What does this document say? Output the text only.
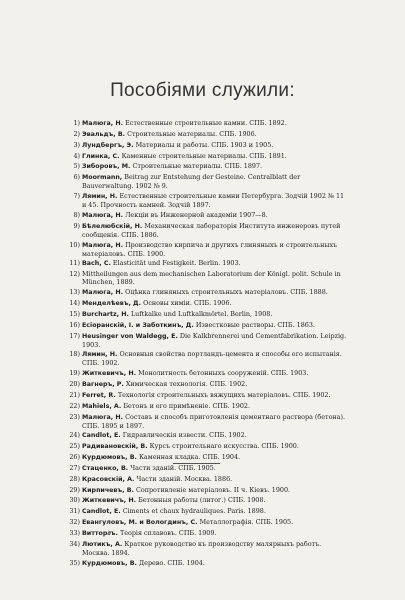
Пособіями служили:
1) Малюга, Н. Естественные строительные камни. СПБ. 1892.
2) Эвальдъ, В. Строительные материалы. СПБ. 1906.
3) Лундбергъ, Э. Материалы и работы. СПБ. 1903 и 1905.
4) Глинка, С. Каменные строительные материалы. СПБ. 1891.
5) Зиборовъ, М. Строительные материалы. СПБ. 1897.
6) Moormann, Beitrag zur Entstehung der Gesteine. Centralblatt der Bauverwaltung. 1902 № 9.
7) Лямин, Н. Естественные строительные камни Петербурга. Зодчій 1902 № 11 и 45. Прочность камней. Зодчій 1897.
8) Малюга, Н. Лекціи въ Инженерной академіи 1907—8.
9) Бѣлелюбскій, Н. Механическая лабораторія Института инженеровъ путей сообщенія. СПБ. 1886.
10) Малюга, Н. Производство кирпича и другихъ глиняныхъ и строительныхъ матеріаловъ. СПБ. 1900.
11) Bach, C. Elasticität und Festigkeit. Berlin. 1903.
12) Mittheilungen aus dem mechanischen Laboratorium der Königl. polit. Schule in München, 1889.
13) Малюга, Н. Оцѣнка глиняныхъ строительныхъ матеріаловъ. СПБ. 1888.
14) Менделѣевъ, Д. Основы химіи. СПБ. 1906.
15) Burchartz, H. Luftkalke und Luftkalkmörtel. Berlin, 1908.
16) Есіоранскій, I. и Заботкинъ, Д. Известковые растворы. СПБ. 1863.
17) Heusinger von Waldegg, E. Die Kalkbrennerei und Cementfabrikation. Leipzig. 1903.
18) Лямин, Н. Основныя свойства портландъ-цемента и способы его испытанія. СПБ. 1902.
19) Житкевичъ, Н. Монолитность бетонныхъ сооруженій. СПБ. 1903.
20) Вагнеръ, Р. Химическая технологія. СПБ. 1902.
21) Ferret, R. Технологія строительныхъ вяжущихъ матеріаловъ. СПБ. 1902.
22) Mahiels, A. Бетонъ и его примѣненіе. СПБ. 1902.
23) Малюга, Н. Составъ и способъ приготовленія цементнаго раствора (бетона). СПБ. 1895 и 1897.
24) Candlot, E. Гидравлическія извести. СПБ. 1902.
25) Радивановскій, В. Курсъ строительнаго искусства. СПБ. 1900.
26) Курдюмовъ, В. Каменная кладка. СПБ. 1904.
27) Стаценко, В. Части зданій. СПБ. 1905.
28) Красовскій, А. Части зданій. Москва. 1886.
29) Кирпичевъ, В. Сопротивленіе матеріаловъ. II ч. Кіевъ. 1900.
30) Житкевичъ, Н. Бетонныя работы (литог.) СПБ. 1908.
31) Candlot, E. Ciments et chaux hydrauliques. Paris. 1898.
32) Евангуловъ, М. и Вологдинъ, С. Металлографія. СПБ. 1905.
33) Виттор∂ъ. Теорія сплавовъ. СПБ. 1909.
34) Лютикъ, А. Краткое руководство къ производству малярныхъ работъ. Москва. 1894.
35) Курдюмовъ, В. Дерево. СПБ. 1904.
